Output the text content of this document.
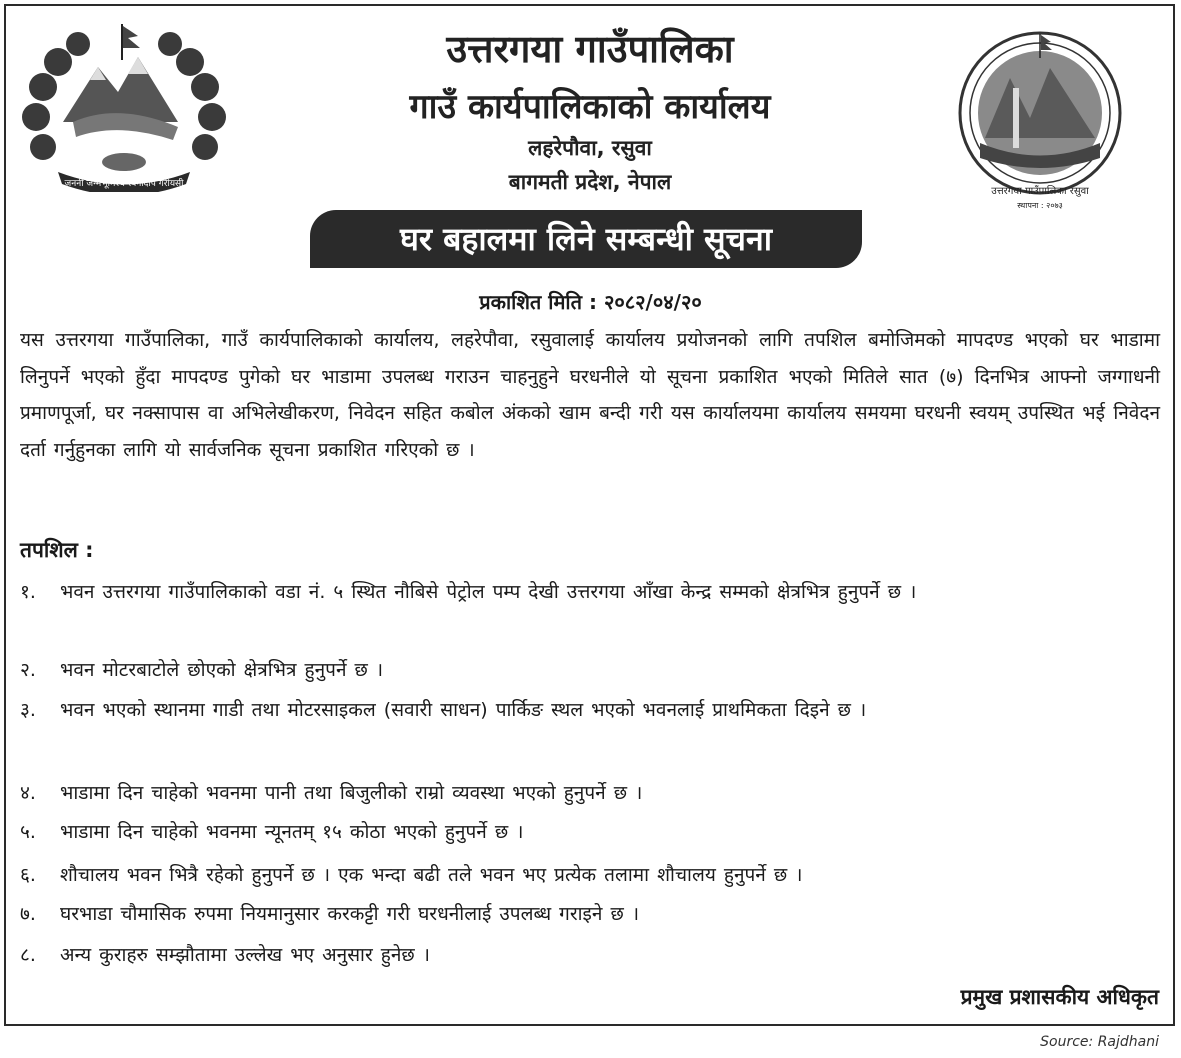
जननी जन्मभूमिश्च स्वर्गादपि गरीयसी
उत्तरगया गाउँपालिका रसुवा
स्थापना : २०७३
उत्तरगया गाउँपालिका
गाउँ कार्यपालिकाको कार्यालय
लहरेपौवा, रसुवा
बागमती प्रदेश, नेपाल
घर बहालमा लिने सम्बन्धी सूचना
प्रकाशित मिति : २०८२/०४/२०
यस उत्तरगया गाउँपालिका, गाउँ कार्यपालिकाको कार्यालय, लहरेपौवा, रसुवालाई कार्यालय प्रयोजनको लागि तपशिल बमोजिमको मापदण्ड भएको घर भाडामा लिनुपर्ने भएको हुँदा मापदण्ड पुगेको घर भाडामा उपलब्ध गराउन चाहनुहुने घरधनीले यो सूचना प्रकाशित भएको मितिले सात (७) दिनभित्र आफ्नो जग्गाधनी प्रमाणपूर्जा, घर नक्सापास वा अभिलेखीकरण, निवेदन सहित कबोल अंकको खाम बन्दी गरी यस कार्यालयमा कार्यालय समयमा घरधनी स्वयम् उपस्थित भई निवेदन दर्ता गर्नुहुनका लागि यो सार्वजनिक सूचना प्रकाशित गरिएको छ ।
तपशिल :
१.	भवन उत्तरगया गाउँपालिकाको वडा नं. ५ स्थित नौबिसे पेट्रोल पम्प देखी उत्तरगया आँखा केन्द्र सम्मको क्षेत्रभित्र हुनुपर्ने छ ।
२.	भवन मोटरबाटोले छोएको क्षेत्रभित्र हुनुपर्ने छ ।
३.	भवन भएको स्थानमा गाडी तथा मोटरसाइकल (सवारी साधन) पार्किङ स्थल भएको भवनलाई प्राथमिकता दिइने छ ।
४.	भाडामा दिन चाहेको भवनमा पानी तथा बिजुलीको राम्रो व्यवस्था भएको हुनुपर्ने छ ।
५.	भाडामा दिन चाहेको भवनमा न्यूनतम् १५ कोठा भएको हुनुपर्ने छ ।
६.	शौचालय भवन भित्रै रहेको हुनुपर्ने छ । एक भन्दा बढी तले भवन भए प्रत्येक तलामा शौचालय हुनुपर्ने छ ।
७.	घरभाडा चौमासिक रुपमा नियमानुसार करकट्टी गरी घरधनीलाई उपलब्ध गराइने छ ।
८.	अन्य कुराहरु सम्झौतामा उल्लेख भए अनुसार हुनेछ ।
प्रमुख प्रशासकीय अधिकृत
Source: Rajdhani
